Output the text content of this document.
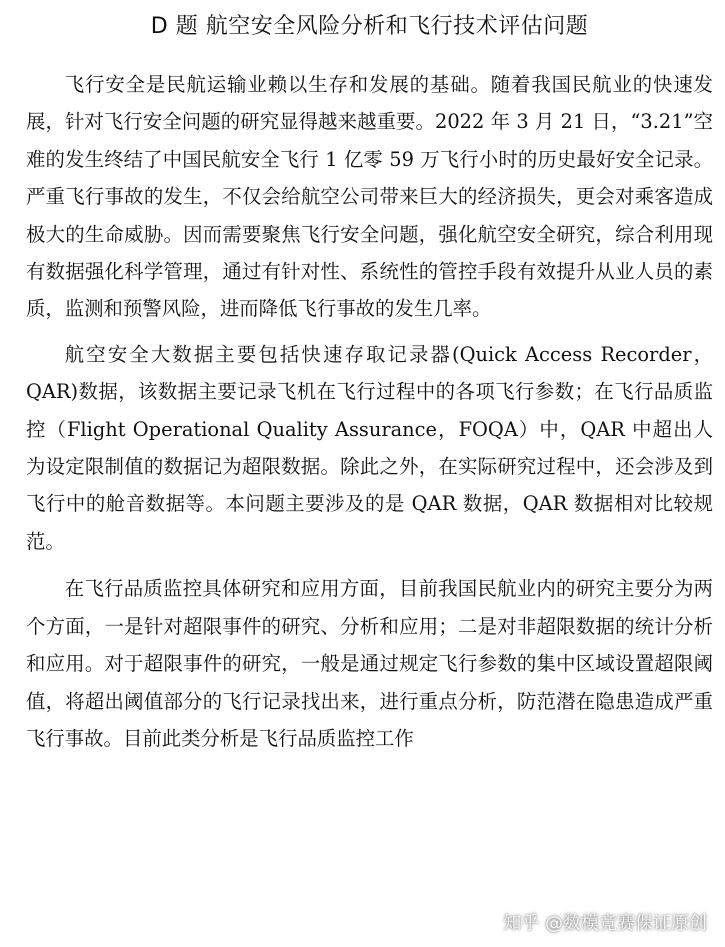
D 题 航空安全风险分析和飞行技术评估问题

飞行安全是民航运输业赖以生存和发展的基础。随着我国民航业的快速发展，针对飞行安全问题的研究显得越来越重要。2022 年 3 月 21 日，“3.21”空难的发生终结了中国民航安全飞行 1 亿零 59 万飞行小时的历史最好安全记录。严重飞行事故的发生，不仅会给航空公司带来巨大的经济损失，更会对乘客造成极大的生命威胁。因而需要聚焦飞行安全问题，强化航空安全研究，综合利用现有数据强化科学管理，通过有针对性、系统性的管控手段有效提升从业人员的素质，监测和预警风险，进而降低飞行事故的发生几率。

航空安全大数据主要包括快速存取记录器(Quick Access Recorder，QAR)数据，该数据主要记录飞机在飞行过程中的各项飞行参数；在飞行品质监控（Flight Operational Quality Assurance，FOQA）中，QAR 中超出人为设定限制值的数据记为超限数据。除此之外，在实际研究过程中，还会涉及到飞行中的舱音数据等。本问题主要涉及的是 QAR 数据，QAR 数据相对比较规范。

在飞行品质监控具体研究和应用方面，目前我国民航业内的研究主要分为两个方面，一是针对超限事件的研究、分析和应用；二是对非超限数据的统计分析和应用。对于超限事件的研究，一般是通过规定飞行参数的集中区域设置超限阈值，将超出阈值部分的飞行记录找出来，进行重点分析，防范潜在隐患造成严重飞行事故。目前此类分析是飞行品质监控工作

知乎 @数模竞赛保证原创
